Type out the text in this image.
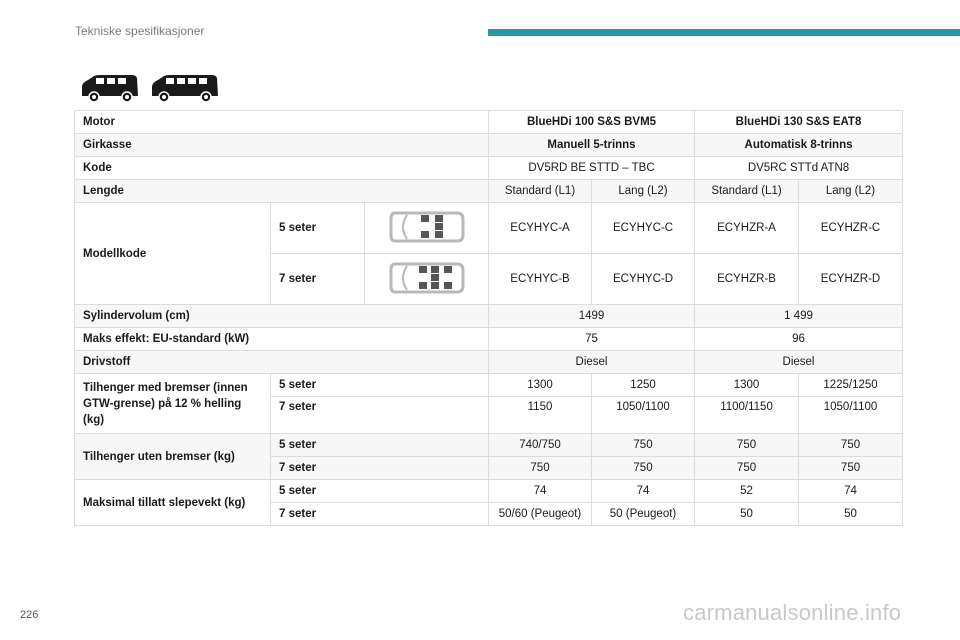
Tekniske spesifikasjoner
Motor			BlueHDi 100 S&S BVM5		BlueHDi 130 S&S EAT8	
Girkasse			Manuell 5-trinns		Automatisk 8-trinns	
Kode			DV5RD BE STTD – TBC		DV5RC STTd ATN8	
Lengde			Standard (L1)	Lang (L2)	Standard (L1)	Lang (L2)
Modellkode	5 seter		ECYHYC-A	ECYHYC-C	ECYHZR-A	ECYHZR-C
	7 seter		ECYHYC-B	ECYHYC-D	ECYHZR-B	ECYHZR-D
Sylindervolum (cm)			1499		1 499	
Maks effekt: EU-standard (kW)			75		96	
Drivstoff			Diesel		Diesel	
Tilhenger med bremser (innen GTW-grense) på 12 % helling (kg)	5 seter		1300	1250	1300	1225/1250
	7 seter		1150	1050/1100	1100/1150	1050/1100
Tilhenger uten bremser (kg)	5 seter		740/750	750	750	750
	7 seter		750	750	750	750
Maksimal tillatt slepevekt (kg)	5 seter		74	74	52	74
	7 seter		50/60 (Peugeot)	50 (Peugeot)	50	50
226	carmanualsonline.info
